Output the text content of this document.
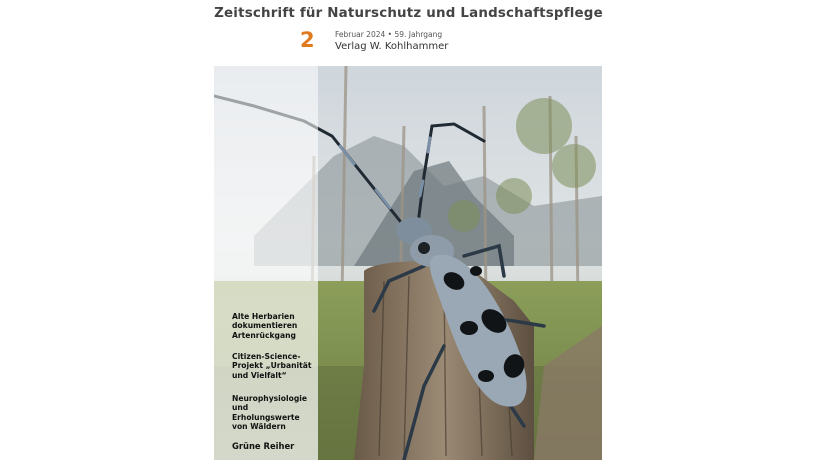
Zeitschrift für Naturschutz und Landschaftspflege
2	Februar 2024 • 59. Jahrgang
Verlag W. Kohlhammer
Alte Herbarien
dokumentieren
Artenrückgang
Citizen-Science-
Projekt „Urbanität
und Vielfalt“
Neurophysiologie
und Erholungswerte
von Wäldern
Grüne Reiher
